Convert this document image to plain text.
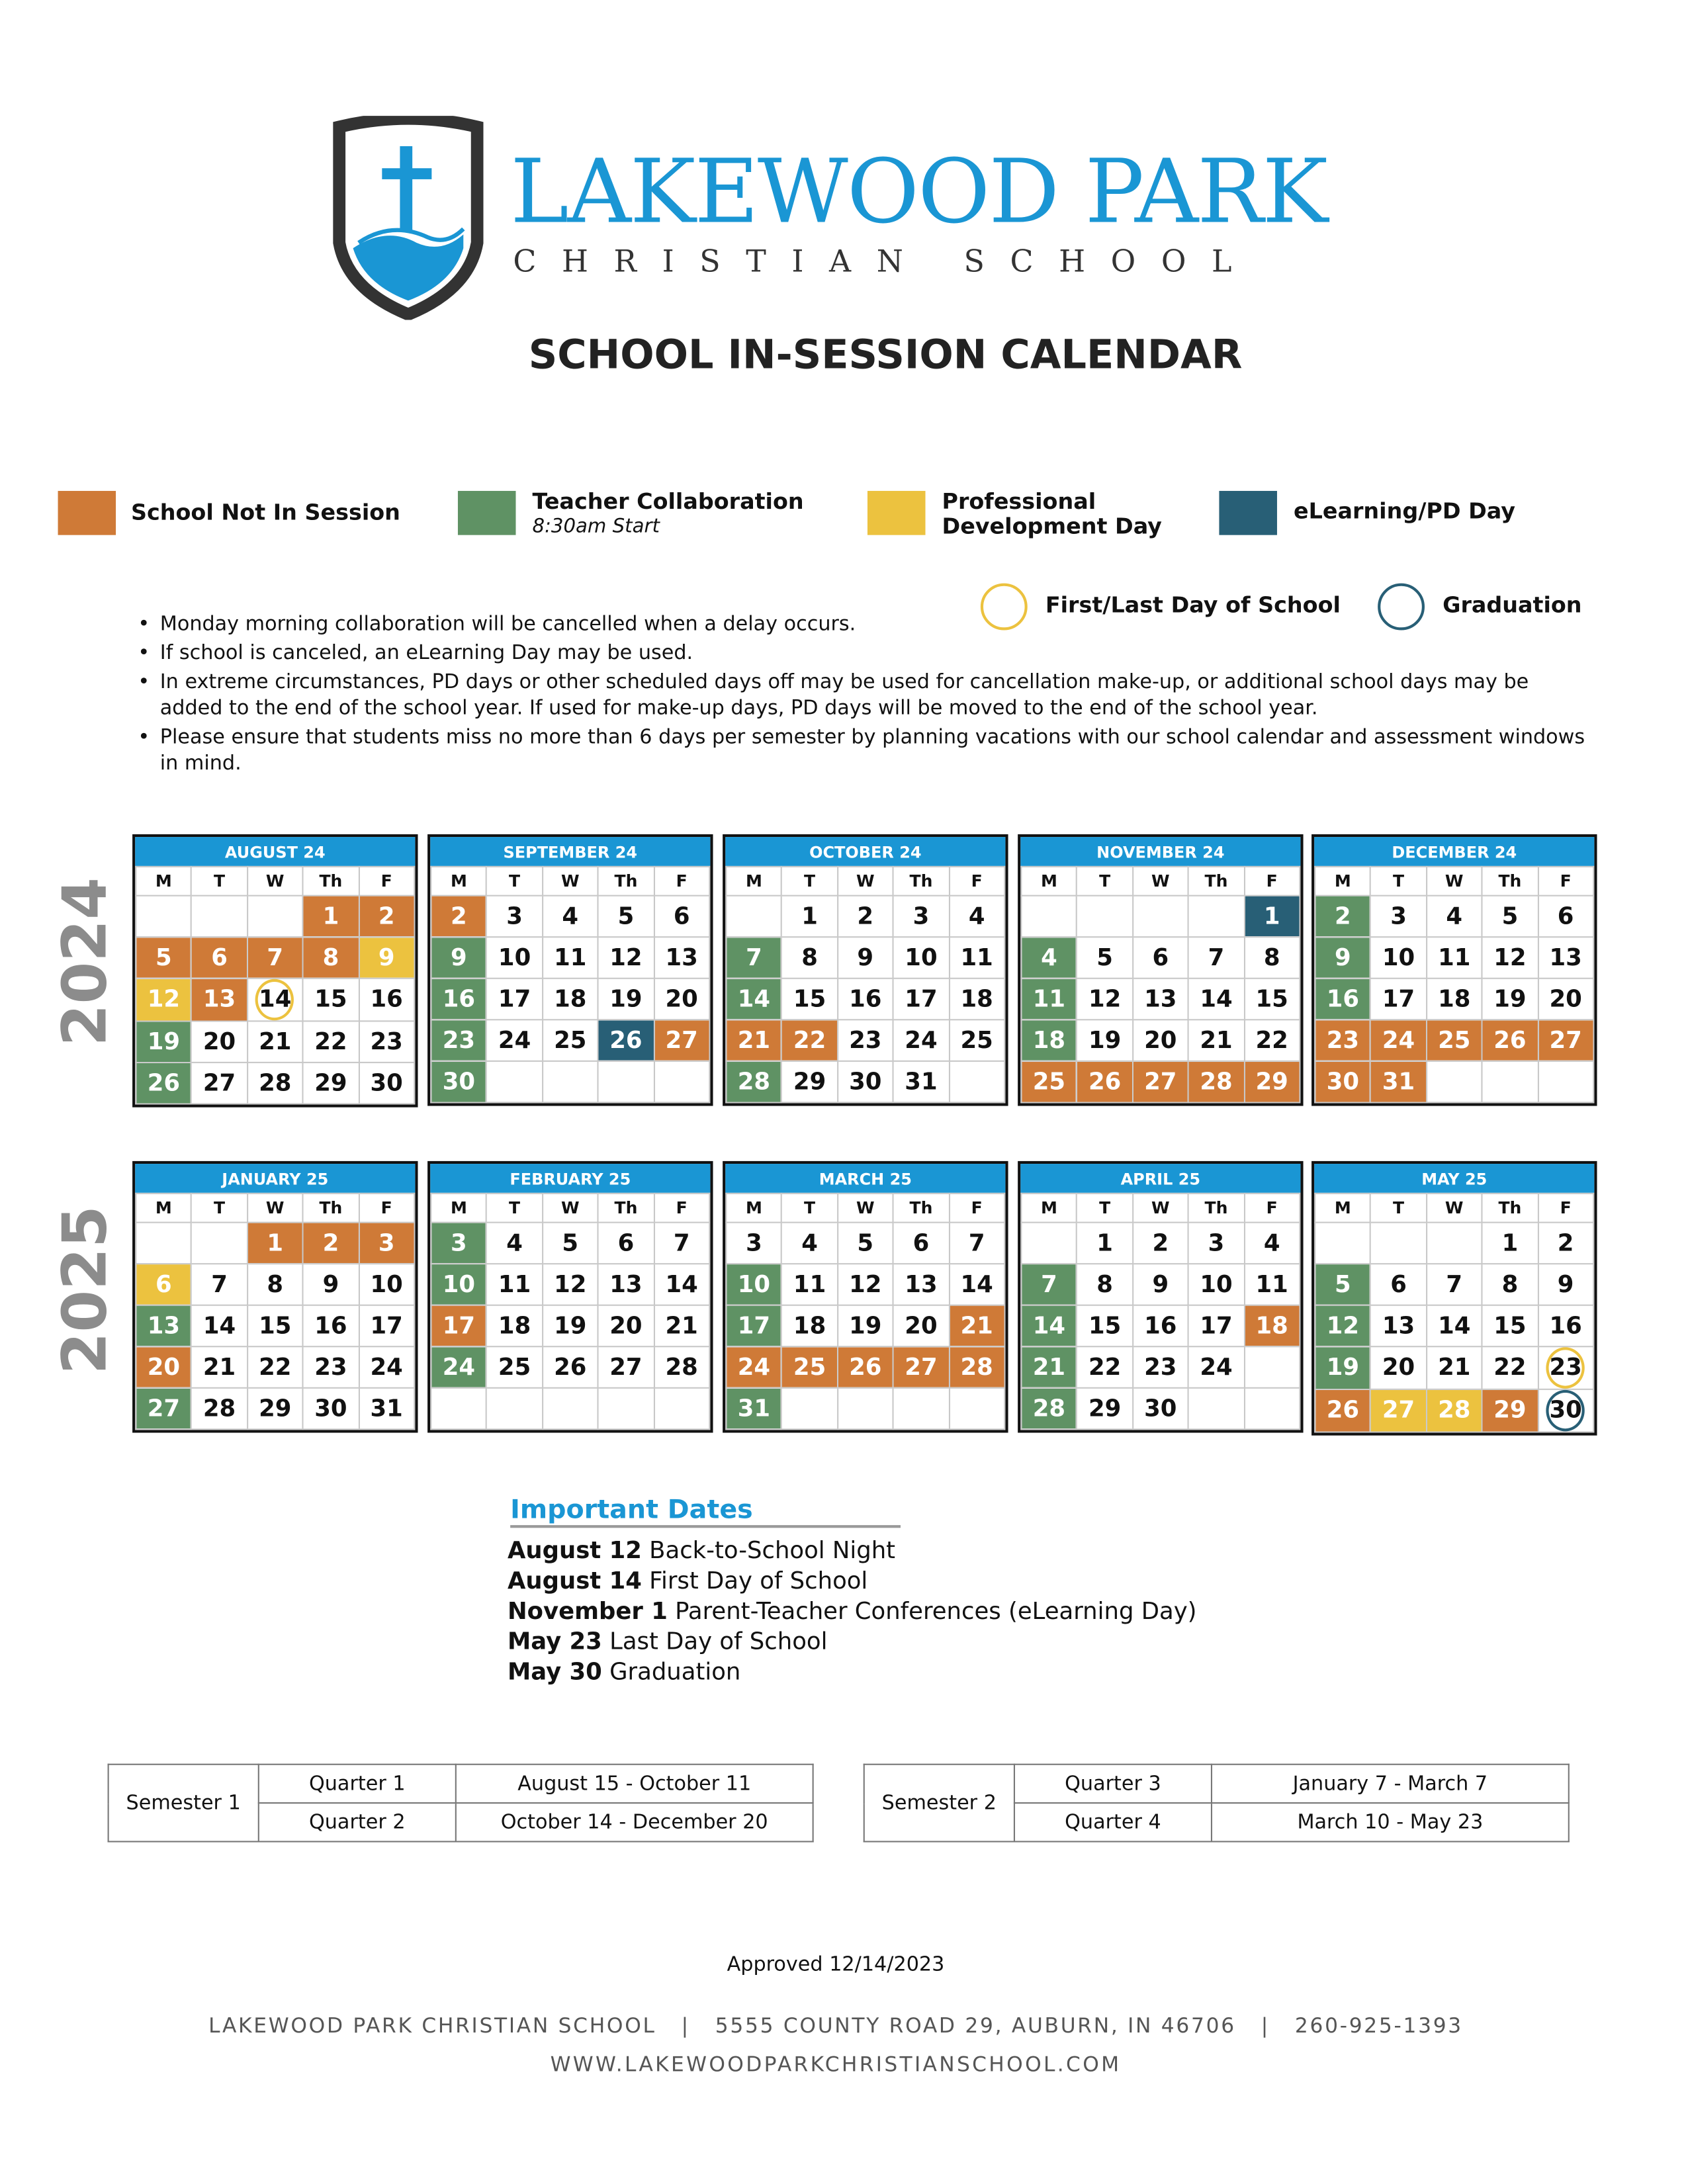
LAKEWOOD PARK
CHRISTIAN SCHOOL
SCHOOL IN-SESSION CALENDAR
School Not In Session	Teacher Collaboration
8:30am Start
Professional
Development Day
eLearning/PD Day
First/Last Day of School	Graduation
• Monday morning collaboration will be cancelled when a delay occurs.
• If school is canceled, an eLearning Day may be used.
• In extreme circumstances, PD days or other scheduled days off may be used for cancellation make-up, or additional school days may be added to the end of the school year. If used for make-up days, PD days will be moved to the end of the school year.
• Please ensure that students miss no more than 6 days per semester by planning vacations with our school calendar and assessment windows in mind.
2024
2025
AUGUST 24
M	T	W	Th	F
			1	2
5	6	7	8	9
12	13	14	15	16
19	20	21	22	23
26	27	28	29	30
SEPTEMBER 24
M	T	W	Th	F
2	3	4	5	6
9	10	11	12	13
16	17	18	19	20
23	24	25	26	27
30				
OCTOBER 24
M	T	W	Th	F
	1	2	3	4
7	8	9	10	11
14	15	16	17	18
21	22	23	24	25
28	29	30	31	
NOVEMBER 24
M	T	W	Th	F
				1
4	5	6	7	8
11	12	13	14	15
18	19	20	21	22
25	26	27	28	29
DECEMBER 24
M	T	W	Th	F
2	3	4	5	6
9	10	11	12	13
16	17	18	19	20
23	24	25	26	27
30	31			
JANUARY 25
M	T	W	Th	F
		1	2	3
6	7	8	9	10
13	14	15	16	17
20	21	22	23	24
27	28	29	30	31
FEBRUARY 25
M	T	W	Th	F
3	4	5	6	7
10	11	12	13	14
17	18	19	20	21
24	25	26	27	28

MARCH 25
M	T	W	Th	F
3	4	5	6	7
10	11	12	13	14
17	18	19	20	21
24	25	26	27	28
31				
APRIL 25
M	T	W	Th	F
	1	2	3	4
7	8	9	10	11
14	15	16	17	18
21	22	23	24	
28	29	30		
MAY 25
M	T	W	Th	F
			1	2
5	6	7	8	9
12	13	14	15	16
19	20	21	22	23
26	27	28	29	30
Important Dates
August 12 Back-to-School Night
August 14 First Day of School
November 1 Parent-Teacher Conferences (eLearning Day)
May 23 Last Day of School
May 30 Graduation
Semester 1	Quarter 1	August 15 - October 11
	Quarter 2	October 14 - December 20
Semester 2	Quarter 3	January 7 - March 7
	Quarter 4	March 10 - May 23
Approved 12/14/2023
LAKEWOOD PARK CHRISTIAN SCHOOL   |   5555 COUNTY ROAD 29, AUBURN, IN 46706   |   260-925-1393
WWW.LAKEWOODPARKCHRISTIANSCHOOL.COM
